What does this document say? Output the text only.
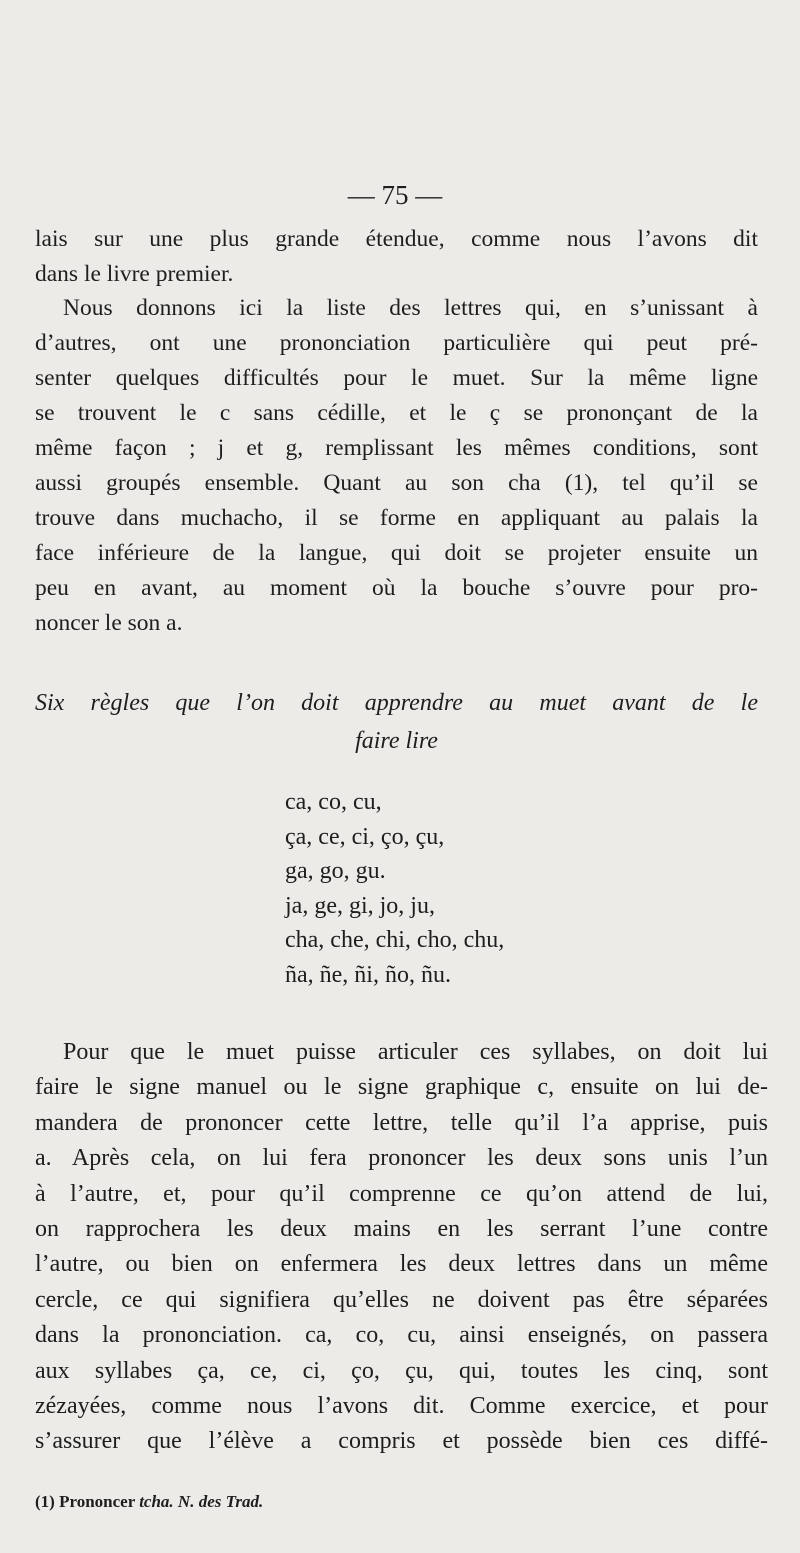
— 75 —
lais sur une plus grande étendue, comme nous l’avons dit
dans le livre premier.
Nous donnons ici la liste des lettres qui, en s’unissant à
d’autres, ont une prononciation particulière qui peut pré-
senter quelques difficultés pour le muet. Sur la même ligne
se trouvent le c sans cédille, et le ç se prononçant de la
même façon ; j et g, remplissant les mêmes conditions, sont
aussi groupés ensemble. Quant au son cha (1), tel qu’il se
trouve dans muchacho, il se forme en appliquant au palais la
face inférieure de la langue, qui doit se projeter ensuite un
peu en avant, au moment où la bouche s’ouvre pour pro-
noncer le son a.
Six règles que l’on doit apprendre au muet avant de le
faire lire
ca, co, cu,
ça, ce, ci, ço, çu,
ga, go, gu.
ja, ge, gi, jo, ju,
cha, che, chi, cho, chu,
ña, ñe, ñi, ño, ñu.
Pour que le muet puisse articuler ces syllabes, on doit lui
faire le signe manuel ou le signe graphique c, ensuite on lui de-
mandera de prononcer cette lettre, telle qu’il l’a apprise, puis
a. Après cela, on lui fera prononcer les deux sons unis l’un
à l’autre, et, pour qu’il comprenne ce qu’on attend de lui,
on rapprochera les deux mains en les serrant l’une contre
l’autre, ou bien on enfermera les deux lettres dans un même
cercle, ce qui signifiera qu’elles ne doivent pas être séparées
dans la prononciation. ca, co, cu, ainsi enseignés, on passera
aux syllabes ça, ce, ci, ço, çu, qui, toutes les cinq, sont
zézayées, comme nous l’avons dit. Comme exercice, et pour
s’assurer que l’élève a compris et possède bien ces diffé-
(1) Prononcer tcha. N. des Trad.
